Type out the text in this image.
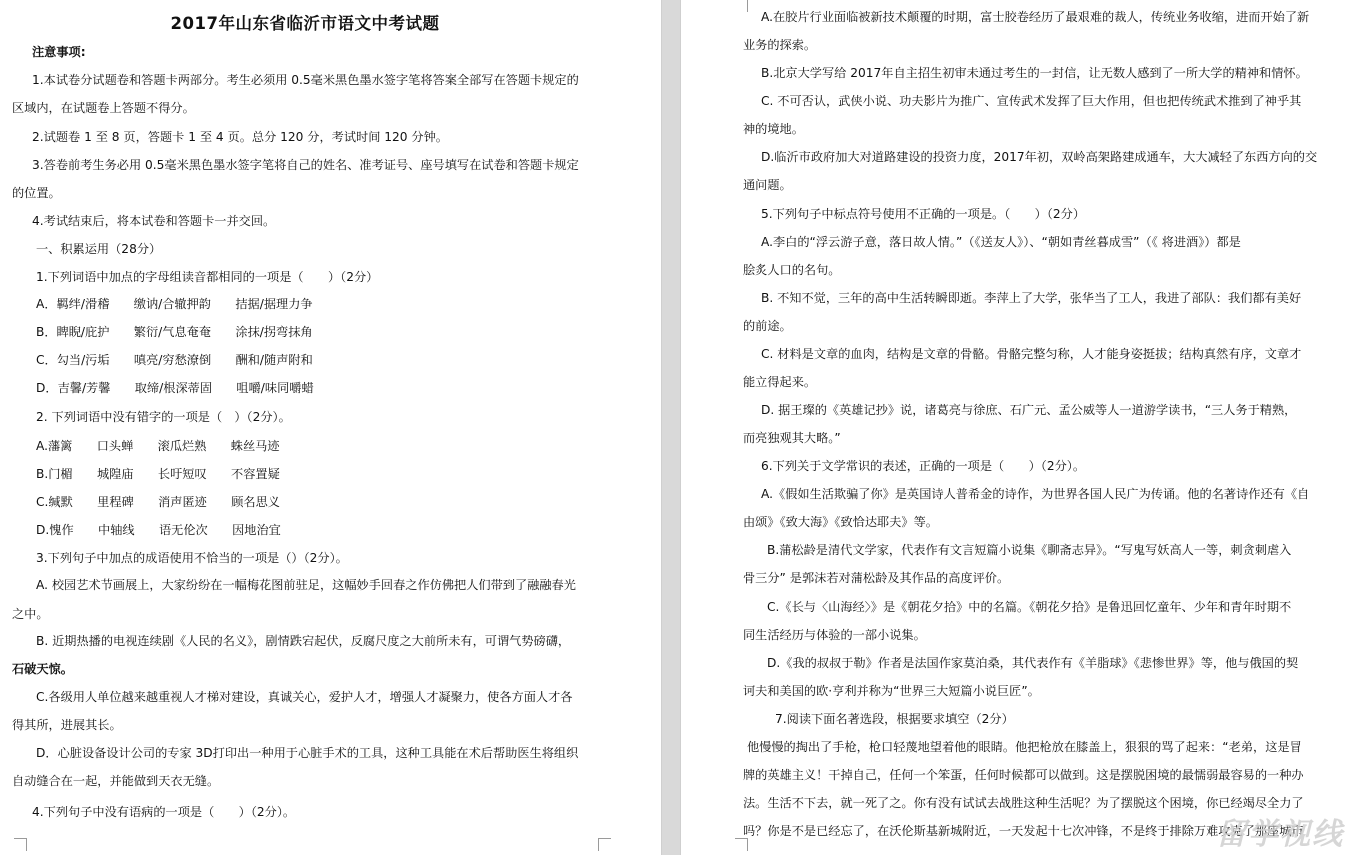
2017年山东省临沂市语文中考试题
注意事项:
1.本试卷分试题卷和答题卡两部分。考生必须用 0.5毫米黑色墨水签字笔将答案全部写在答题卡规定的
区域内，在试题卷上答题不得分。
2.试题卷 1 至 8 页，答题卡 1 至 4 页。总分 120 分，考试时间 120 分钟。
3.答卷前考生务必用 0.5毫米黑色墨水签字笔将自己的姓名、准考证号、座号填写在试卷和答题卡规定
的位置。
4.考试结束后，将本试卷和答题卡一并交回。
一、积累运用（28分）
1.下列词语中加点的字母组读音都相同的一项是（　　）（2分）
A．羁绊/滑稽　　缴讷/合辙押韵　　拮据/据理力争
B．睥睨/庇护　　繁衍/气息奄奄　　涂抹/拐弯抹角
C．勾当/污垢　　嗔亮/穷愁潦倒　　酬和/随声附和
D．吉馨/芳馨　　取缔/根深蒂固　　咀嚼/味同嚼蜡
2. 下列词语中没有错字的一项是（　）（2分）。
A.藩篱　　口头蝉　　滚瓜烂熟　　蛛丝马迹
B.门楣　　城隍庙　　长吁短叹　　不容置疑
C.缄默　　里程碑　　消声匿迹　　顾名思义
D.愧作　　中轴线　　语无伦次　　因地治宜
3.下列句子中加点的成语使用不恰当的一项是（）（2分）。
A. 校园艺术节画展上，大家纷纷在一幅梅花图前驻足，这幅妙手回春之作仿佛把人们带到了融融春光
之中。
B. 近期热播的电视连续剧《人民的名义》，剧情跌宕起伏，反腐尺度之大前所未有，可谓气势磅礴，
石破天惊。
C.各级用人单位越来越重视人才梯对建设，真诚关心，爱护人才，增强人才凝聚力，使各方面人才各
得其所，进展其长。
D．心脏设备设计公司的专家 3D打印出一种用于心脏手术的工具，这种工具能在术后帮助医生将组织
自动缝合在一起，并能做到天衣无缝。
4.下列句子中没有语病的一项是（　　）（2分）。
A.在胶片行业面临被新技术颠覆的时期，富士胶卷经历了最艰难的裁人，传统业务收缩，进而开始了新
业务的探索。
B.北京大学写给 2017年自主招生初审未通过考生的一封信，让无数人感到了一所大学的精神和情怀。
C. 不可否认，武侠小说、功夫影片为推广、宣传武术发挥了巨大作用，但也把传统武术推到了神乎其
神的境地。
D.临沂市政府加大对道路建设的投资力度，2017年初，双岭高架路建成通车，大大减轻了东西方向的交
通问题。
5.下列句子中标点符号使用不正确的一项是。（　　）（2分）
A.李白的“浮云游子意，落日故人情。”（《送友人》）、“朝如青丝暮成雪”（《 将进酒》）都是
脍炙人口的名句。
B. 不知不觉，三年的高中生活转瞬即逝。李萍上了大学，张华当了工人，我进了部队：我们都有美好
的前途。
C. 材料是文章的血肉，结构是文章的骨骼。骨骼完整匀称，人才能身姿挺拔；结构真然有序，文章才
能立得起来。
D. 据王璨的《英雄记抄》说，诸葛亮与徐庶、石广元、孟公威等人一道游学读书，“三人务于精熟，
而亮独观其大略。”
6.下列关于文学常识的表述，正确的一项是（　　）（2分）。
A.《假如生活欺骗了你》是英国诗人普希金的诗作，为世界各国人民广为传诵。他的名著诗作还有《自
由颂》《致大海》《致恰达耶夫》等。
B.蒲松龄是清代文学家，代表作有文言短篇小说集《聊斋志异》。“写鬼写妖高人一等，刺贪刺虐入
骨三分” 是郭沫若对蒲松龄及其作品的高度评价。
C.《长与〈山海经〉》是《朝花夕拾》中的名篇。《朝花夕拾》是鲁迅回忆童年、少年和青年时期不
同生活经历与体验的一部小说集。
D.《我的叔叔于勒》作者是法国作家莫泊桑，其代表作有《羊脂球》《悲惨世界》等，他与俄国的契
诃夫和美国的欧·亨利并称为“世界三大短篇小说巨匠”。
7.阅读下面名著选段，根据要求填空（2分）
他慢慢的掏出了手枪，枪口轻蔑地望着他的眼睛。他把枪放在膝盖上，狠狠的骂了起来：“老弟，这是冒
牌的英雄主义！干掉自己，任何一个笨蛋，任何时候都可以做到。这是摆脱困境的最懦弱最容易的一种办
法。生活不下去，就一死了之。你有没有试试去战胜这种生活呢？为了摆脱这个困境，你已经竭尽全力了
吗？你是不是已经忘了，在沃伦斯基新城附近，一天发起十七次冲锋，不是终于排除万难攻克了那座城市
留学视线
